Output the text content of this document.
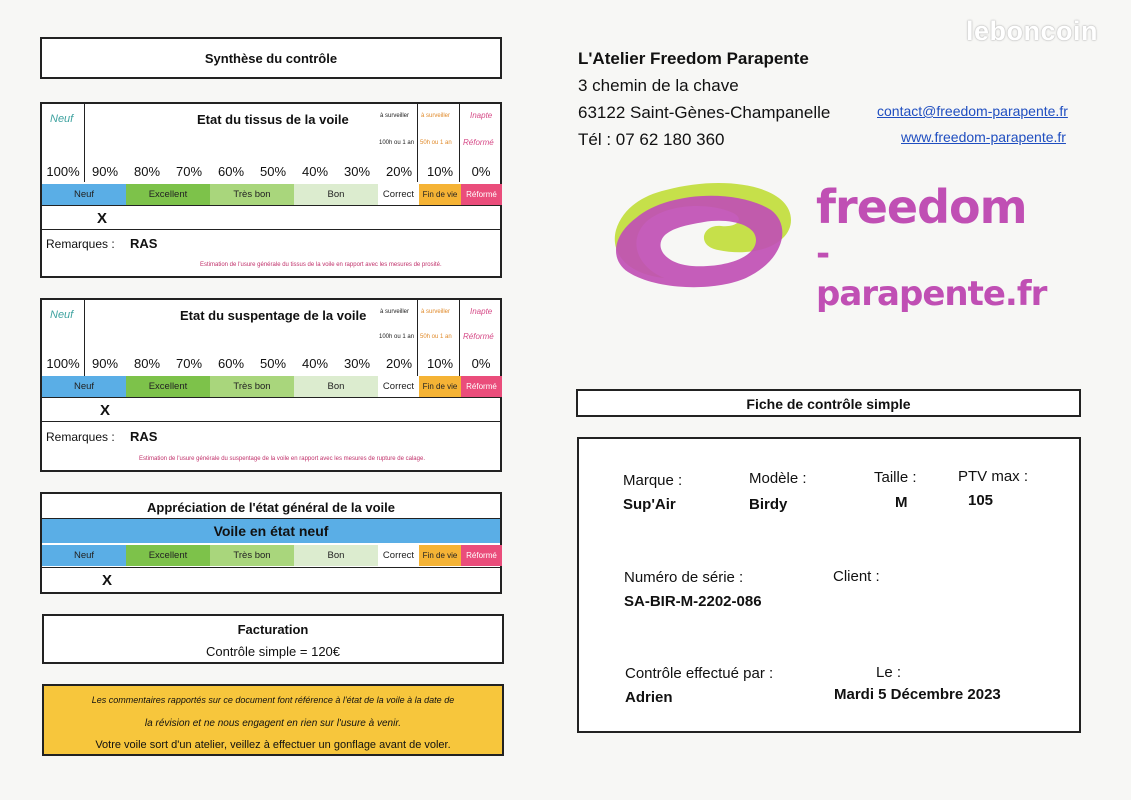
leboncoin
Synthèse du contrôle
Neuf	Etat du tissus de la voile	à surveiller
100h ou 1 an
à surveiller
50h ou 1 an
Inapte
Réformé
100% 90%	80%	70%	60%	50%	40%	30%	20%	10%	0%
Neuf	Excellent	Très bon	Bon	Correct	Fin de vie	Réformé
X
Remarques : RAS
Estimation de l'usure générale du tissus de la voile en rapport avec les mesures de prosité.
Neuf	Etat du suspentage de la voile à surveiller
100h ou 1 an
à surveiller
50h ou 1 an
Inapte
Réformé
100% 90%	80%	70%	60%	50%	40%	30%	20%	10%	0%
Neuf	Excellent	Très bon	Bon	Correct	Fin de vie	Réformé
X
Remarques : RAS
Estimation de l'usure générale du suspentage de la voile en rapport avec les mesures de rupture de calage.
Appréciation de l'état général de la voile
Voile en état neuf
Neuf	Excellent	Très bon	Bon	Correct	Fin de vie	Réformé
X
Facturation
Contrôle simple = 120€
Les commentaires rapportés sur ce document font référence à l'état de la voile à la date de
la révision et ne nous engagent en rien sur l'usure à venir.
Votre voile sort d'un atelier, veillez à effectuer un gonflage avant de voler.
L'Atelier Freedom Parapente
3 chemin de la chave
63122 Saint-Gènes-Champanelle
Tél : 07 62 180 360
contact@freedom-parapente.fr
www.freedom-parapente.fr
freedom
-parapente.fr
Fiche de contrôle simple
Marque :
Sup'Air
Modèle :
Birdy
Taille :
M
PTV max :
105
Numéro de série :
SA-BIR-M-2202-086
Client :
Contrôle effectué par :
Adrien
Le :
Mardi 5 Décembre 2023
